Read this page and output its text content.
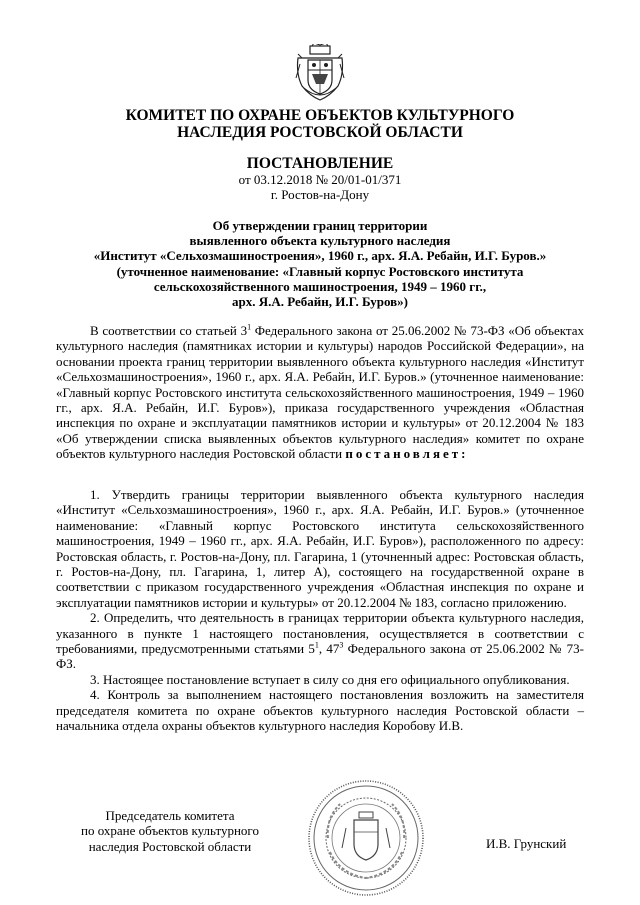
КОМИТЕТ ПО ОХРАНЕ ОБЪЕКТОВ КУЛЬТУРНОГО
НАСЛЕДИЯ РОСТОВСКОЙ ОБЛАСТИ
ПОСТАНОВЛЕНИЕ
от 03.12.2018 № 20/01-01/371
г. Ростов-на-Дону
Об утверждении границ территории
выявленного объекта культурного наследия
«Институт «Сельхозмашиностроения», 1960 г., арх. Я.А. Ребайн, И.Г. Буров.»
(уточненное наименование: «Главный корпус Ростовского института
сельскохозяйственного машиностроения, 1949 – 1960 гг.,
арх. Я.А. Ребайн, И.Г. Буров»)

В соответствии со статьей $3^1$ Федерального закона от 25.06.2002 № 73-ФЗ «Об объектах культурного наследия (памятниках истории и культуры) народов Российской Федерации», на основании проекта границ территории выявленного объекта культурного наследия «Институт «Сельхозмашиностроения», 1960 г., арх. Я.А. Ребайн, И.Г. Буров.» (уточненное наименование: «Главный корпус Ростовского института сельскохозяйственного машиностроения, 1949 – 1960 гг., арх. Я.А. Ребайн, И.Г. Буров»), приказа государственного учреждения «Областная инспекция по охране и эксплуатации памятников истории и культуры» от 20.12.2004 № 183 «Об утверждении списка выявленных объектов культурного наследия» комитет по охране объектов культурного наследия Ростовской области постановляет:

1. Утвердить границы территории выявленного объекта культурного наследия «Институт «Сельхозмашиностроения», 1960 г., арх. Я.А. Ребайн, И.Г. Буров.» (уточненное наименование: «Главный корпус Ростовского института сельскохозяйственного машиностроения, 1949 – 1960 гг., арх. Я.А. Ребайн, И.Г. Буров»), расположенного по адресу: Ростовская область, г. Ростов-на-Дону, пл. Гагарина, 1 (уточненный адрес: Ростовская область, г. Ростов-на-Дону, пл. Гагарина, 1, литер А), состоящего на государственной охране в соответствии с приказом государственного учреждения «Областная инспекция по охране и эксплуатации памятников истории и культуры» от 20.12.2004 № 183, согласно приложению.

2. Определить, что деятельность в границах территории объекта культурного наследия, указанного в пункте 1 настоящего постановления, осуществляется в соответствии с требованиями, предусмотренными статьями $5^1$, $47^3$ Федерального закона от 25.06.2002 № 73-ФЗ.

3. Настоящее постановление вступает в силу со дня его официального опубликования.

4. Контроль за выполнением настоящего постановления возложить на заместителя председателя комитета по охране объектов культурного наследия Ростовской области – начальника отдела охраны объектов культурного наследия Коробову И.В.

Председатель комитета
по охране объектов культурного
наследия Ростовской области	И.В. Грунский
